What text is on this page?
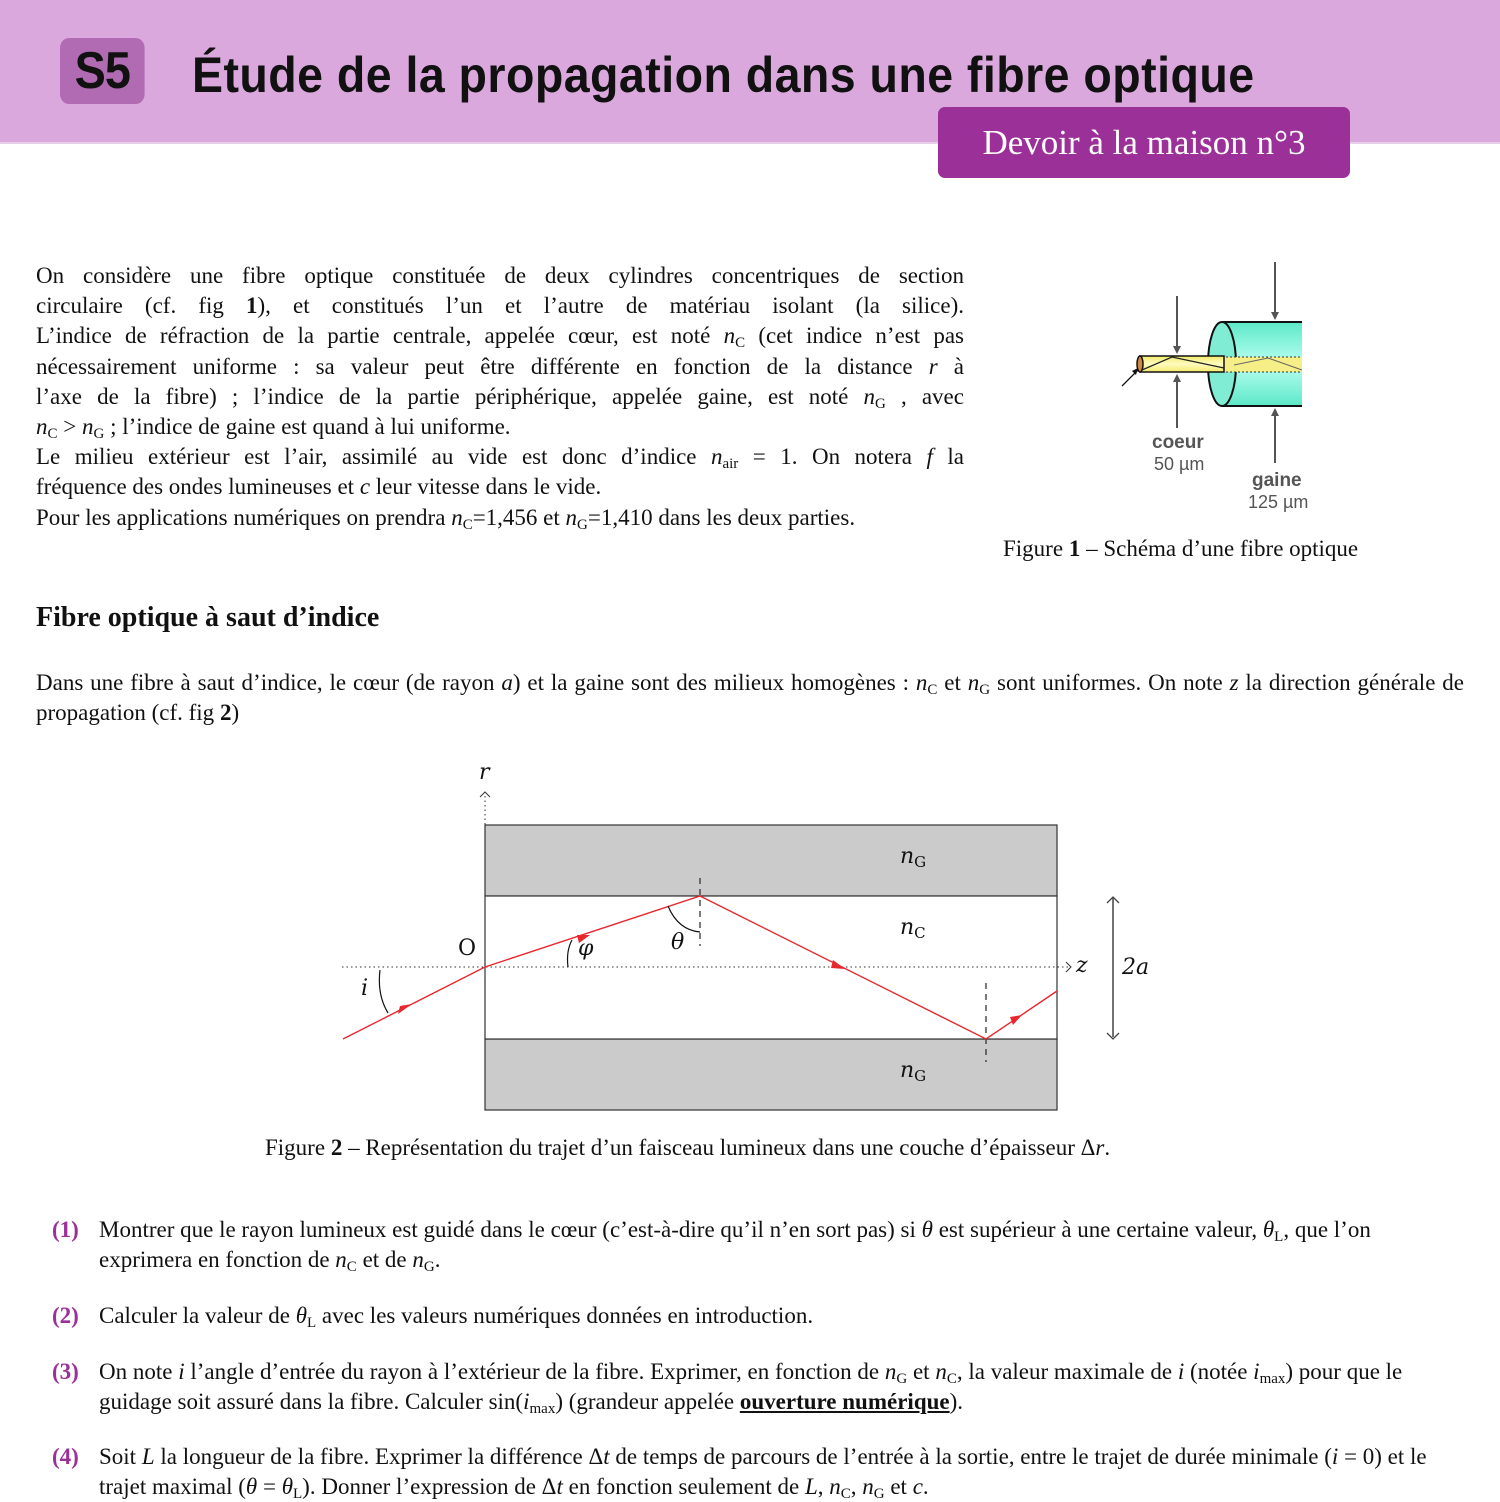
S5 Étude de la propagation dans une fibre optique
Devoir à la maison n°3
On considère une fibre optique constituée de deux cylindres concentriques de section
circulaire (cf. fig 1), et constitués l’un et l’autre de matériau isolant (la silice).
L’indice de réfraction de la partie centrale, appelée cœur, est noté $n_C$ (cet indice n’est pas
nécessairement uniforme : sa valeur peut être différente en fonction de la distance r à
l’axe de la fibre) ; l’indice de la partie périphérique, appelée gaine, est noté $n_G$ , avec
$n_C > n_G$ ; l’indice de gaine est quand à lui uniforme.
Le milieu extérieur est l’air, assimilé au vide est donc d’indice $n_{air} = 1$. On notera f la
fréquence des ondes lumineuses et c leur vitesse dans le vide.
Pour les applications numériques on prendra $n_C=1,456$ et $n_G=1,410$ dans les deux parties.
coeur
50 µm
gaine
125 µm
Figure 1 – Schéma d’une fibre optique
Fibre optique à saut d’indice
Dans une fibre à saut d’indice, le cœur (de rayon a) et la gaine sont des milieux homogènes : $n_C$ et $n_G$ sont uniformes. On note z la direction générale de propagation (cf. fig 2)
r
z
O
i
φ	θ
$n_G$
$n_C$
$n_G$
2a
Figure 2 – Représentation du trajet d’un faisceau lumineux dans une couche d’épaisseur Δr.
(1) Montrer que le rayon lumineux est guidé dans le cœur (c’est-à-dire qu’il n’en sort pas) si θ est supérieur à une certaine valeur, $\theta_L$, que l’on exprimera en fonction de $n_C$ et de $n_G$.
(2) Calculer la valeur de $\theta_L$ avec les valeurs numériques données en introduction.
(3) On note i l’angle d’entrée du rayon à l’extérieur de la fibre. Exprimer, en fonction de $n_G$ et $n_C$, la valeur maximale de i (notée $i_{max}$) pour que le guidage soit assuré dans la fibre. Calculer $\sin(i_{max})$ (grandeur appelée ouverture numérique).
(4) Soit L la longueur de la fibre. Exprimer la différence Δt de temps de parcours de l’entrée à la sortie, entre le trajet de durée minimale (i = 0) et le trajet maximal $(\theta = \theta_L)$. Donner l’expression de Δt en fonction seulement de L, $n_C$, $n_G$ et c.
